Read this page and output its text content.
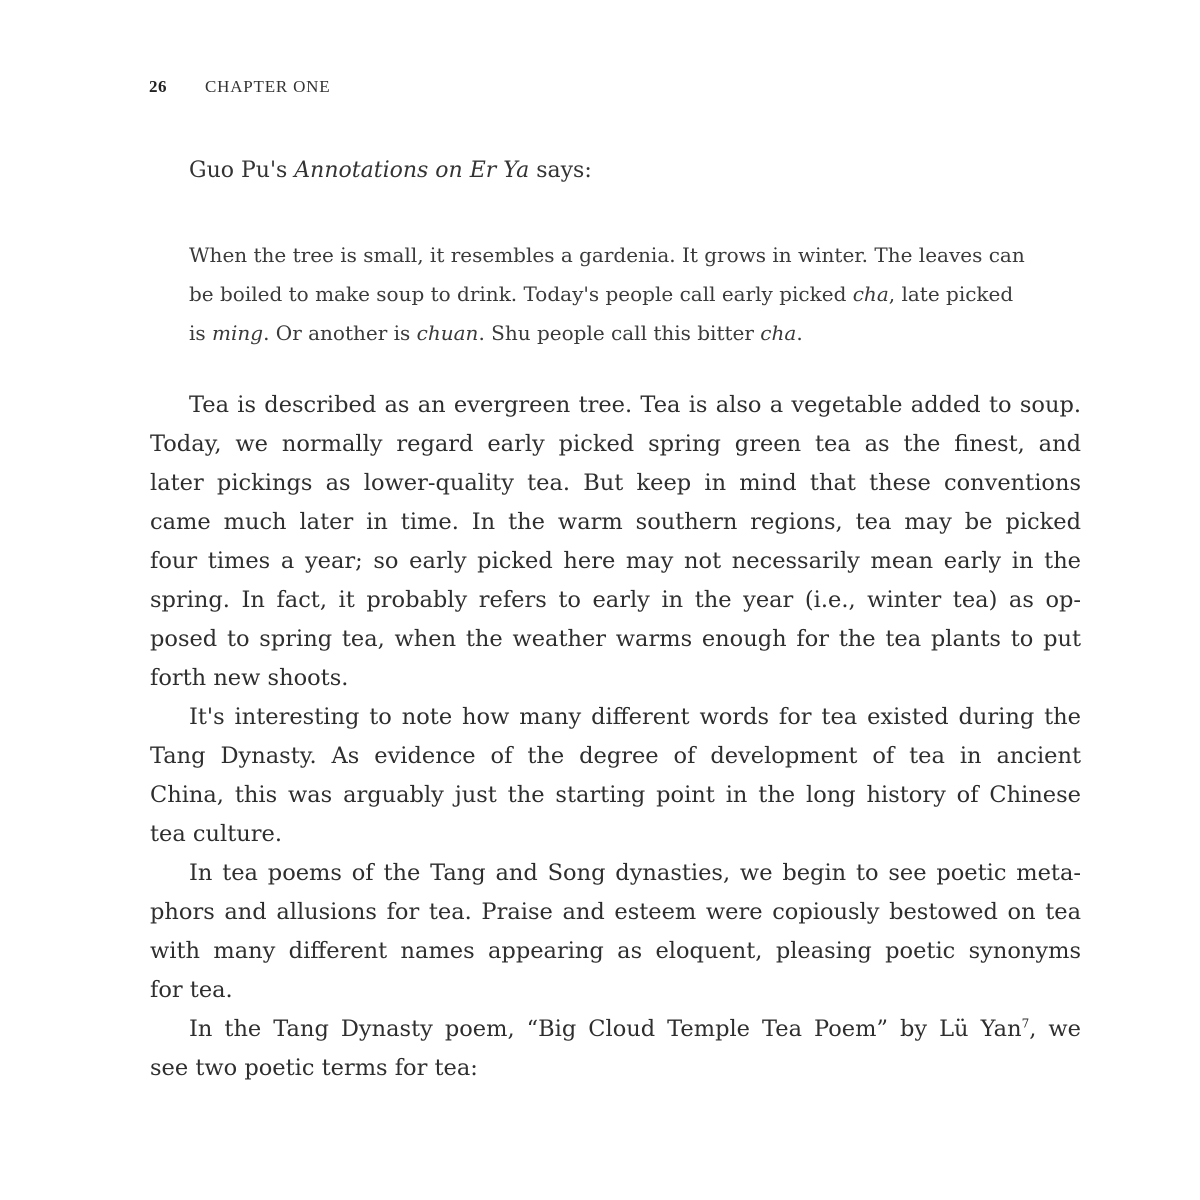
26 CHAPTER ONE
Guo Pu's Annotations on Er Ya says:
When the tree is small, it resembles a gardenia. It grows in winter. The leaves can
be boiled to make soup to drink. Today's people call early picked cha, late picked
is ming. Or another is chuan. Shu people call this bitter cha.
Tea is described as an evergreen tree. Tea is also a vegetable added to soup.
Today, we normally regard early picked spring green tea as the finest, and
later pickings as lower-quality tea. But keep in mind that these conventions
came much later in time. In the warm southern regions, tea may be picked
four times a year; so early picked here may not necessarily mean early in the
spring. In fact, it probably refers to early in the year (i.e., winter tea) as op-
posed to spring tea, when the weather warms enough for the tea plants to put
forth new shoots.
It's interesting to note how many different words for tea existed during the
Tang Dynasty. As evidence of the degree of development of tea in ancient
China, this was arguably just the starting point in the long history of Chinese
tea culture.
In tea poems of the Tang and Song dynasties, we begin to see poetic meta-
phors and allusions for tea. Praise and esteem were copiously bestowed on tea
with many different names appearing as eloquent, pleasing poetic synonyms
for tea.
In the Tang Dynasty poem, “Big Cloud Temple Tea Poem” by Lü Yan$^7$, we
see two poetic terms for tea:
